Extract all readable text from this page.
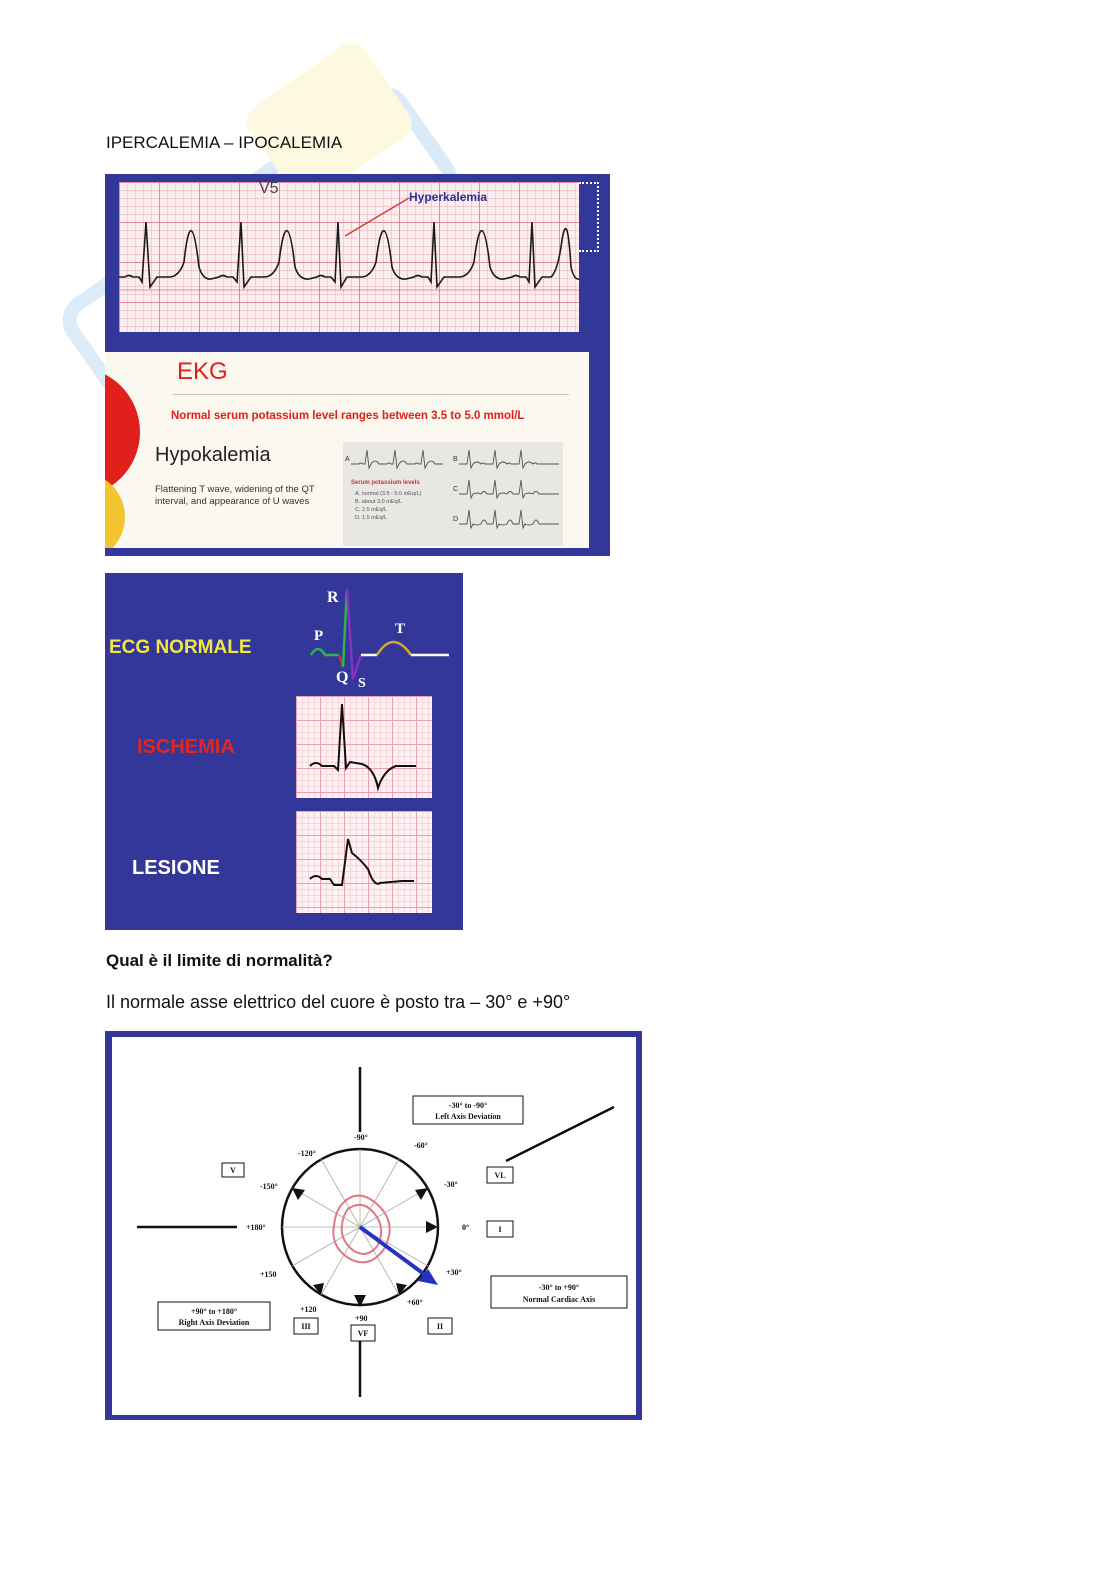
IPERCALEMIA – IPOCALEMIA
V5	Hyperkalemia
EKG
Normal serum potassium level ranges between 3.5 to 5.0 mmol/L
Hypokalemia
Flattening T wave, widening of the QT interval, and appearance of U waves
A	B
C
D
Serum potassium levels
A. normal (3.5 - 5.0 mEq/L)
B. about 3.0 mEq/L
C. 2.5 mEq/L
D. 1.5 mEq/L
ECG NORMALE
ISCHEMIA
LESIONE
R
P	T
Q S
Qual è il limite di normalità?
Il normale asse elettrico del cuore è posto tra – 30° e +90°
-90°
-60°
-120°
-150°	-30°
+180°	0°
+150	+30°
+120
+90
+60°
V
VL
I
II
III
VF
-30° to -90°
Left Axis Deviation
-30° to +90°
Normal Cardiac Axis
+90° to +180°
Right Axis Deviation
